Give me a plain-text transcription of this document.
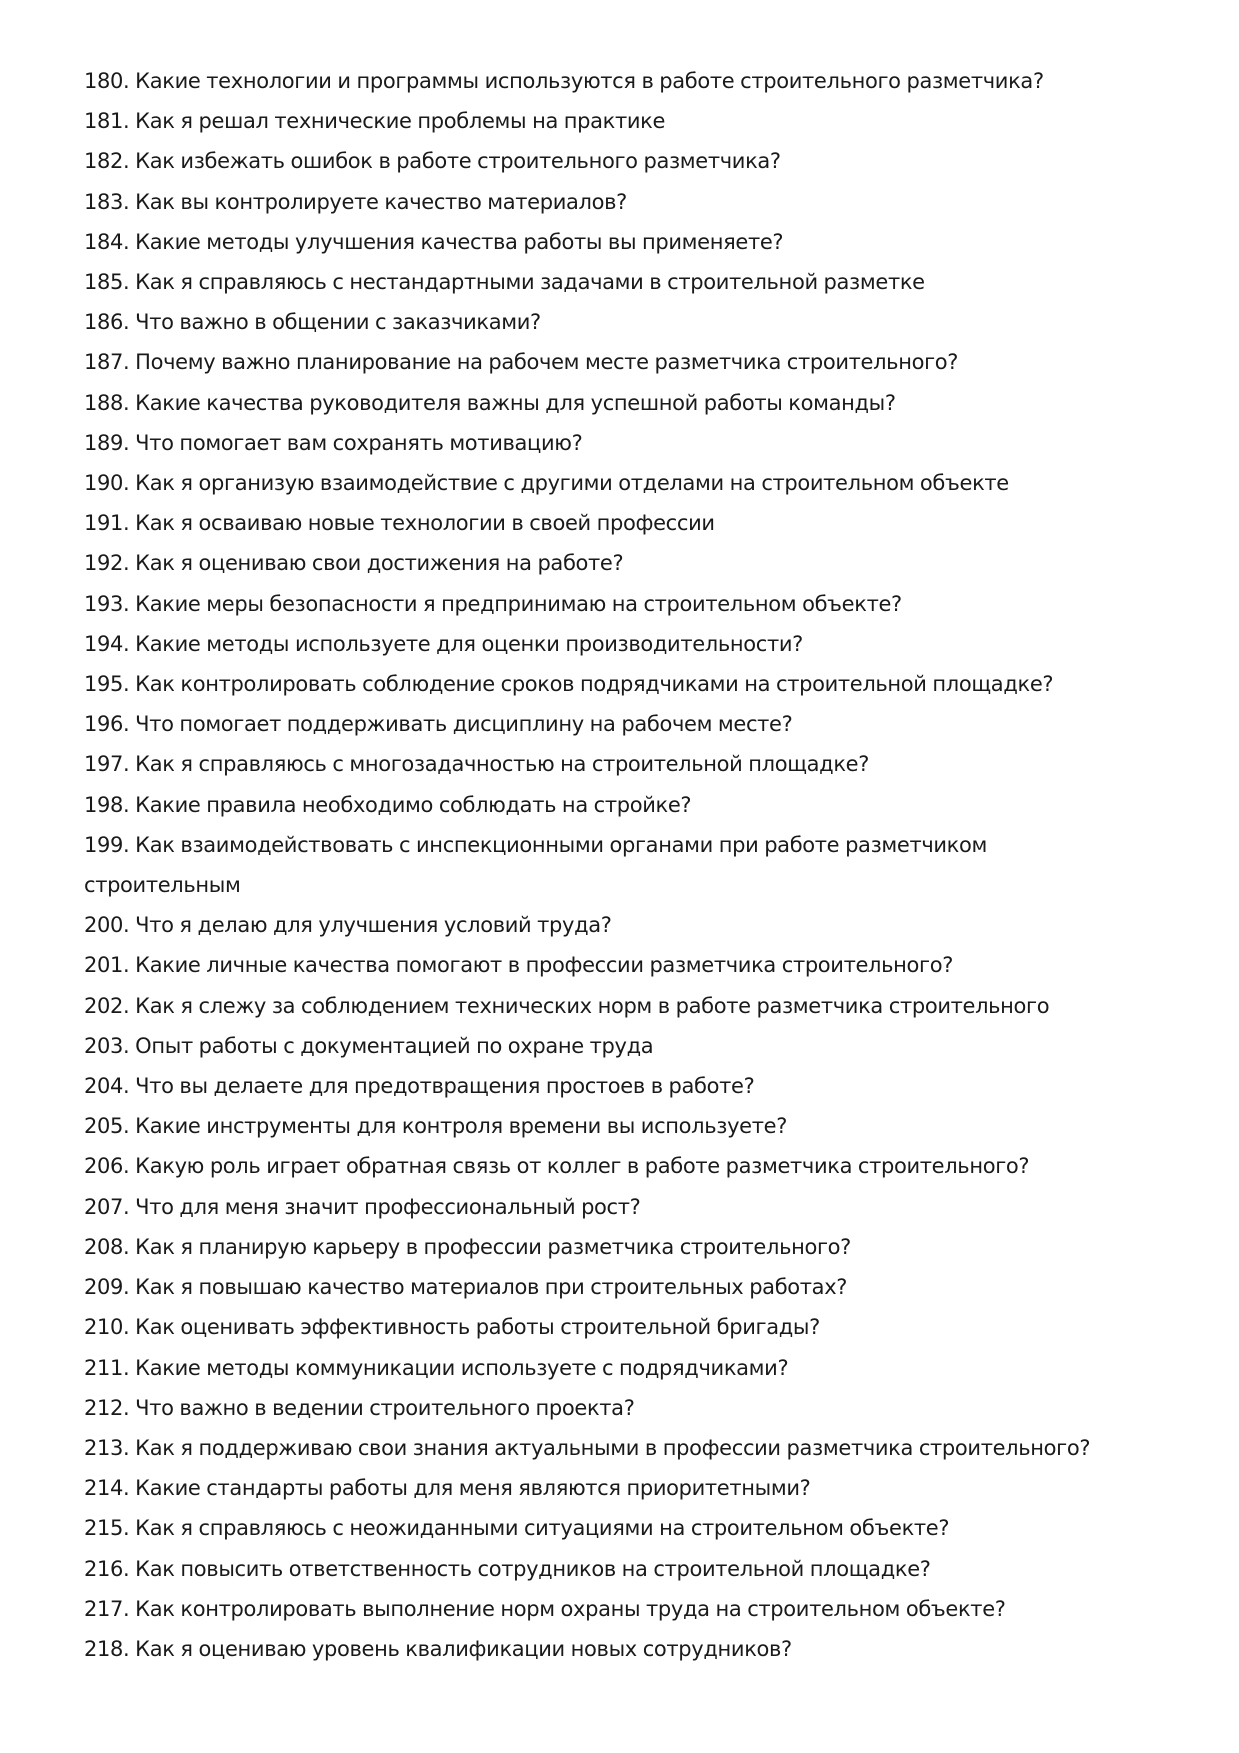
180. Какие технологии и программы используются в работе строительного разметчика?
181. Как я решал технические проблемы на практике
182. Как избежать ошибок в работе строительного разметчика?
183. Как вы контролируете качество материалов?
184. Какие методы улучшения качества работы вы применяете?
185. Как я справляюсь с нестандартными задачами в строительной разметке
186. Что важно в общении с заказчиками?
187. Почему важно планирование на рабочем месте разметчика строительного?
188. Какие качества руководителя важны для успешной работы команды?
189. Что помогает вам сохранять мотивацию?
190. Как я организую взаимодействие с другими отделами на строительном объекте
191. Как я осваиваю новые технологии в своей профессии
192. Как я оцениваю свои достижения на работе?
193. Какие меры безопасности я предпринимаю на строительном объекте?
194. Какие методы используете для оценки производительности?
195. Как контролировать соблюдение сроков подрядчиками на строительной площадке?
196. Что помогает поддерживать дисциплину на рабочем месте?
197. Как я справляюсь с многозадачностью на строительной площадке?
198. Какие правила необходимо соблюдать на стройке?
199. Как взаимодействовать с инспекционными органами при работе разметчиком строительным
200. Что я делаю для улучшения условий труда?
201. Какие личные качества помогают в профессии разметчика строительного?
202. Как я слежу за соблюдением технических норм в работе разметчика строительного
203. Опыт работы с документацией по охране труда
204. Что вы делаете для предотвращения простоев в работе?
205. Какие инструменты для контроля времени вы используете?
206. Какую роль играет обратная связь от коллег в работе разметчика строительного?
207. Что для меня значит профессиональный рост?
208. Как я планирую карьеру в профессии разметчика строительного?
209. Как я повышаю качество материалов при строительных работах?
210. Как оценивать эффективность работы строительной бригады?
211. Какие методы коммуникации используете с подрядчиками?
212. Что важно в ведении строительного проекта?
213. Как я поддерживаю свои знания актуальными в профессии разметчика строительного?
214. Какие стандарты работы для меня являются приоритетными?
215. Как я справляюсь с неожиданными ситуациями на строительном объекте?
216. Как повысить ответственность сотрудников на строительной площадке?
217. Как контролировать выполнение норм охраны труда на строительном объекте?
218. Как я оцениваю уровень квалификации новых сотрудников?
